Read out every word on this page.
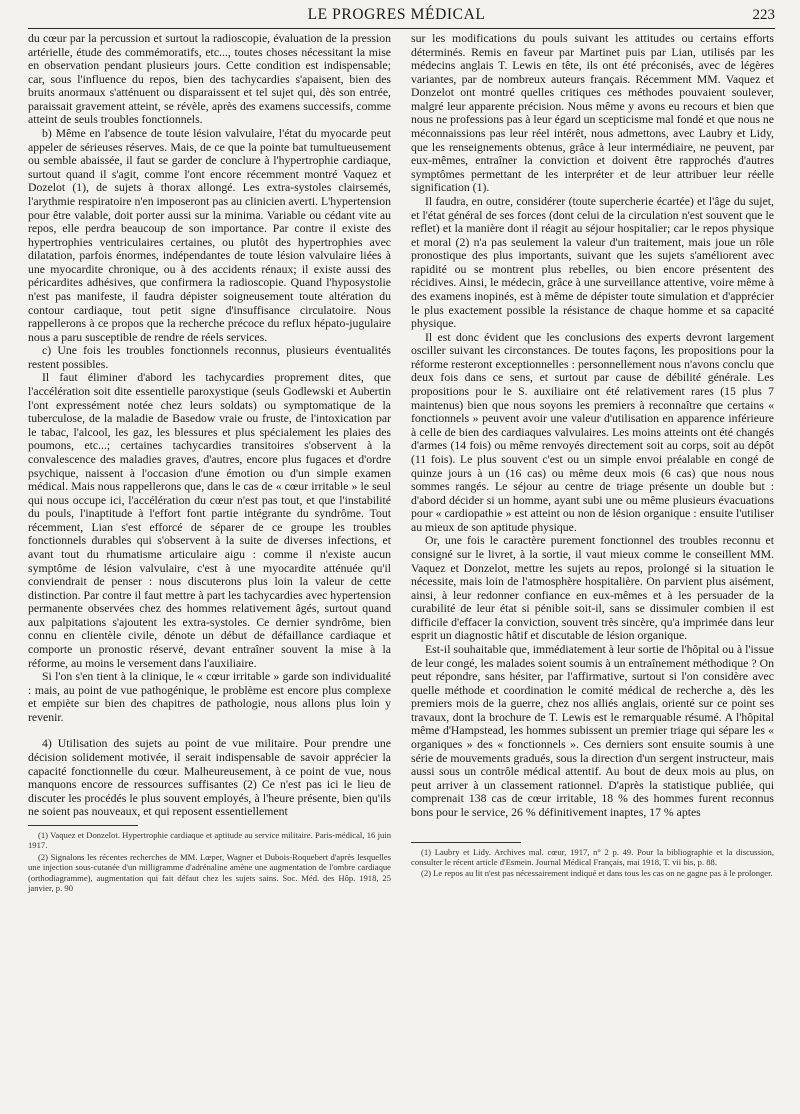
LE PROGRES MÉDICAL	223

du cœur par la percussion et surtout la radioscopie, évaluation de la pression artérielle, étude des commémoratifs, etc..., toutes choses nécessitant la mise en observation pendant plusieurs jours. Cette condition est indispensable; car, sous l'influence du repos, bien des tachycardies s'apaisent, bien des bruits anormaux s'atténuent ou disparaissent et tel sujet qui, dès son entrée, paraissait gravement atteint, se révèle, après des examens successifs, comme atteint de seuls troubles fonctionnels.

b) Même en l'absence de toute lésion valvulaire, l'état du myocarde peut appeler de sérieuses réserves. Mais, de ce que la pointe bat tumultueusement ou semble abaissée, il faut se garder de conclure à l'hypertrophie cardiaque, surtout quand il s'agit, comme l'ont encore récemment montré Vaquez et Dozelot (1), de sujets à thorax allongé. Les extra-systoles clairsemés, l'arythmie respiratoire n'en imposeront pas au clinicien averti. L'hypertension pour être valable, doit porter aussi sur la minima. Variable ou cédant vite au repos, elle perdra beaucoup de son importance. Par contre il existe des hypertrophies ventriculaires certaines, ou plutôt des hypertrophies avec dilatation, parfois énormes, indépendantes de toute lésion valvulaire liées à une myocardite chronique, ou à des accidents rénaux; il existe aussi des péricardites adhésives, que confirmera la radioscopie. Quand l'hyposystolie n'est pas manifeste, il faudra dépister soigneusement toute altération du contour cardiaque, tout petit signe d'insuffisance circulatoire. Nous rappellerons à ce propos que la recherche précoce du reflux hépato-jugulaire nous a paru susceptible de rendre de réels services.

c) Une fois les troubles fonctionnels reconnus, plusieurs éventualités restent possibles.

Il faut éliminer d'abord les tachycardies proprement dites, que l'accélération soit dite essentielle paroxystique (seuls Godlewski et Aubertin l'ont expressément notée chez leurs soldats) ou symptomatique de la tuberculose, de la maladie de Basedow vraie ou fruste, de l'intoxication par le tabac, l'alcool, les gaz, les blessures et plus spécialement les plaies des poumons, etc...; certaines tachycardies transitoires s'observent à la convalescence des maladies graves, d'autres, encore plus fugaces et d'ordre psychique, naissent à l'occasion d'une émotion ou d'un simple examen médical. Mais nous rappellerons que, dans le cas de « cœur irritable » le seul qui nous occupe ici, l'accélération du cœur n'est pas tout, et que l'instabilité du pouls, l'inaptitude à l'effort font partie intégrante du syndrôme. Tout récemment, Lian s'est efforcé de séparer de ce groupe les troubles fonctionnels durables qui s'observent à la suite de diverses infections, et avant tout du rhumatisme articulaire aigu : comme il n'existe aucun symptôme de lésion valvulaire, c'est à une myocardite atténuée qu'il conviendrait de penser : nous discuterons plus loin la valeur de cette distinction. Par contre il faut mettre à part les tachycardies avec hypertension permanente observées chez des hommes relativement âgés, surtout quand aux palpitations s'ajoutent les extra-systoles. Ce dernier syndrôme, bien connu en clientèle civile, dénote un début de défaillance cardiaque et comporte un pronostic réservé, devant entraîner souvent la mise à la réforme, au moins le versement dans l'auxiliaire.

Si l'on s'en tient à la clinique, le « cœur irritable » garde son individualité : mais, au point de vue pathogénique, le problème est encore plus complexe et empiète sur bien des chapitres de pathologie, nous allons plus loin y revenir.

4) Utilisation des sujets au point de vue militaire. Pour prendre une décision solidement motivée, il serait indispensable de savoir apprécier la capacité fonctionnelle du cœur. Malheureusement, à ce point de vue, nous manquons encore de ressources suffisantes (2) Ce n'est pas ici le lieu de discuter les procédés le plus souvent employés, à l'heure présente, bien qu'ils ne soient pas nouveaux, et qui reposent essentiellement

(1) Vaquez et Donzelot. Hypertrophie cardiaque et aptitude au service militaire. Paris-médical, 16 juin 1917.

(2) Signalons les récentes recherches de MM. Lœper, Wagner et Dubois-Roquebert d'après lesquelles une injection sous-cutanée d'un milligramme d'adrénaline amène une augmentation de l'ombre cardiaque (orthodiagramme), augmentation qui fait défaut chez les sujets sains. Soc. Méd. des Hôp. 1918, 25 janvier, p. 90

sur les modifications du pouls suivant les attitudes ou certains efforts déterminés. Remis en faveur par Martinet puis par Lian, utilisés par les médecins anglais T. Lewis en tête, ils ont été préconisés, avec de légères variantes, par de nombreux auteurs français. Récemment MM. Vaquez et Donzelot ont montré quelles critiques ces méthodes pouvaient soulever, malgré leur apparente précision. Nous même y avons eu recours et bien que nous ne professions pas à leur égard un scepticisme mal fondé et que nous ne méconnaissions pas leur réel intérêt, nous admettons, avec Laubry et Lidy, que les renseignements obtenus, grâce à leur intermédiaire, ne peuvent, par eux-mêmes, entraîner la conviction et doivent être rapprochés d'autres symptômes permettant de les interpréter et de leur attribuer leur réelle signification (1).

Il faudra, en outre, considérer (toute supercherie écartée) et l'âge du sujet, et l'état général de ses forces (dont celui de la circulation n'est souvent que le reflet) et la manière dont il réagit au séjour hospitalier; car le repos physique et moral (2) n'a pas seulement la valeur d'un traitement, mais joue un rôle pronostique des plus importants, suivant que les sujets s'améliorent avec rapidité ou se montrent plus rebelles, ou bien encore présentent des récidives. Ainsi, le médecin, grâce à une surveillance attentive, voire même à des examens inopinés, est à même de dépister toute simulation et d'apprécier le plus exactement possible la résistance de chaque homme et sa capacité physique.

Il est donc évident que les conclusions des experts devront largement osciller suivant les circonstances. De toutes façons, les propositions pour la réforme resteront exceptionnelles : personnellement nous n'avons conclu que deux fois dans ce sens, et surtout par cause de débilité générale. Les propositions pour le S. auxiliaire ont été relativement rares (15 plus 7 maintenus) bien que nous soyons les premiers à reconnaître que certains « fonctionnels » peuvent avoir une valeur d'utilisation en apparence inférieure à celle de bien des cardiaques valvulaires. Les moins atteints ont été changés d'armes (14 fois) ou même renvoyés directement soit au corps, soit au dépôt (11 fois). Le plus souvent c'est ou un simple envoi préalable en congé de quinze jours à un (16 cas) ou même deux mois (6 cas) que nous nous sommes rangés. Le séjour au centre de triage présente un double but : d'abord décider si un homme, ayant subi une ou même plusieurs évacuations pour « cardiopathie » est atteint ou non de lésion organique : ensuite l'utiliser au mieux de son aptitude physique.

Or, une fois le caractère purement fonctionnel des troubles reconnu et consigné sur le livret, à la sortie, il vaut mieux comme le conseillent MM. Vaquez et Donzelot, mettre les sujets au repos, prolongé si la situation le nécessite, mais loin de l'atmosphère hospitalière. On parvient plus aisément, ainsi, à leur redonner confiance en eux-mêmes et à les persuader de la curabilité de leur état si pénible soit-il, sans se dissimuler combien il est difficile d'effacer la conviction, souvent très sincère, qu'a imprimée dans leur esprit un diagnostic hâtif et discutable de lésion organique.

Est-il souhaitable que, immédiatement à leur sortie de l'hôpital ou à l'issue de leur congé, les malades soient soumis à un entraînement méthodique ? On peut répondre, sans hésiter, par l'affirmative, surtout si l'on considère avec quelle méthode et coordination le comité médical de recherche a, dès les premiers mois de la guerre, chez nos alliés anglais, orienté sur ce point ses travaux, dont la brochure de T. Lewis est le remarquable résumé. A l'hôpital même d'Hampstead, les hommes subissent un premier triage qui sépare les « organiques » des « fonctionnels ». Ces derniers sont ensuite soumis à une série de mouvements gradués, sous la direction d'un sergent instructeur, mais aussi sous un contrôle médical attentif. Au bout de deux mois au plus, on peut arriver à un classement rationnel. D'après la statistique publiée, qui comprenait 138 cas de cœur irritable, 18 % des hommes furent reconnus bons pour le service, 26 % définitivement inaptes, 17 % aptes

(1) Laubry et Lidy. Archives mal. cœur, 1917, n° 2 p. 49. Pour la bibliographie et la discussion, consulter le récent article d'Esmein. Journal Médical Français, mai 1918, T. vii bis, p. 88.

(2) Le repos au lit n'est pas nécessairement indiqué et dans tous les cas on ne gagne pas à le prolonger.
